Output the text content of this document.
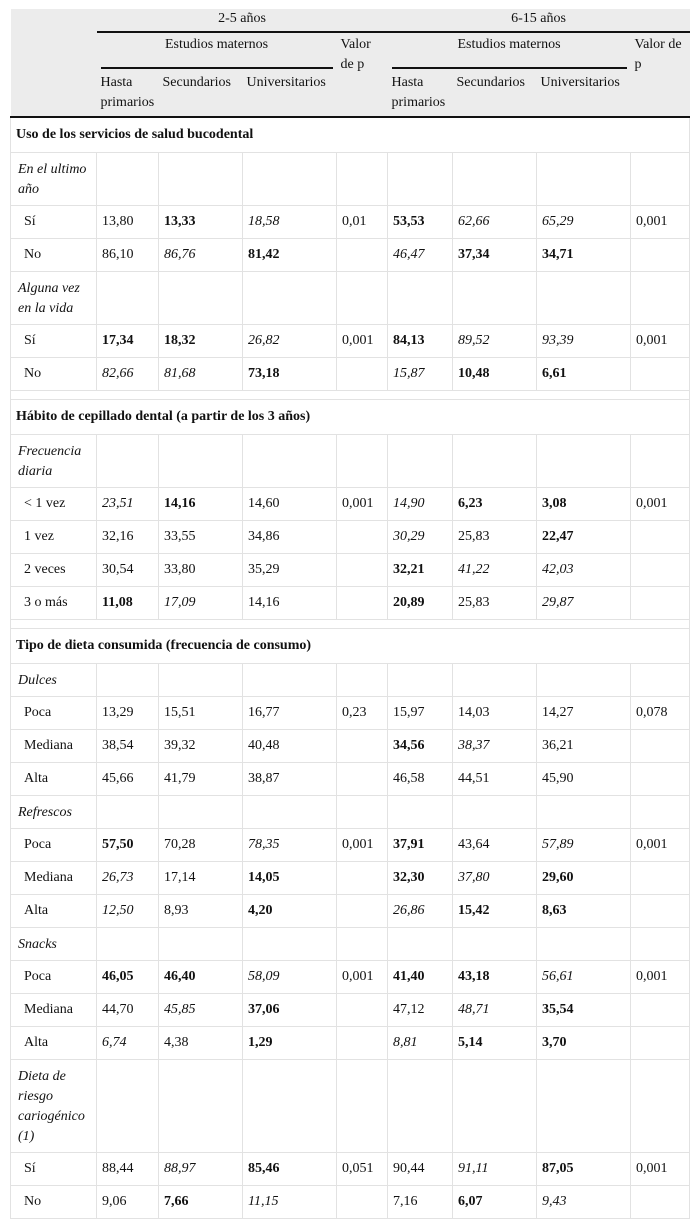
	2-5 años				6-15 años			

	Estudios maternos			Valor de p	Estudios maternos			Valor de p
	Hasta primarios	Secundarios	Universitarios		Hasta primarios	Secundarios	Universitarios	
Uso de los servicios de salud bucodental								
En el ultimo año								
Sí	13,80	13,33	18,58	0,01	53,53	62,66	65,29	0,001
No	86,10	86,76	81,42		46,47	37,34	34,71	
Alguna vez en la vida								
Sí	17,34	18,32	26,82	0,001	84,13	89,52	93,39	0,001
No	82,66	81,68	73,18		15,87	10,48	6,61	

Hábito de cepillado dental (a partir de los 3 años)								
Frecuencia diaria								
< 1 vez	23,51	14,16	14,60	0,001	14,90	6,23	3,08	0,001
1 vez	32,16	33,55	34,86		30,29	25,83	22,47	
2 veces	30,54	33,80	35,29		32,21	41,22	42,03	
3 o más	11,08	17,09	14,16		20,89	25,83	29,87	

Tipo de dieta consumida (frecuencia de consumo)								
Dulces								
Poca	13,29	15,51	16,77	0,23	15,97	14,03	14,27	0,078
Mediana	38,54	39,32	40,48		34,56	38,37	36,21	
Alta	45,66	41,79	38,87		46,58	44,51	45,90	
Refrescos								
Poca	57,50	70,28	78,35	0,001	37,91	43,64	57,89	0,001
Mediana	26,73	17,14	14,05		32,30	37,80	29,60	
Alta	12,50	8,93	4,20		26,86	15,42	8,63	
Snacks								
Poca	46,05	46,40	58,09	0,001	41,40	43,18	56,61	0,001
Mediana	44,70	45,85	37,06		47,12	48,71	35,54	
Alta	6,74	4,38	1,29		8,81	5,14	3,70	
Dieta de riesgo cariogénico (1)								
Sí	88,44	88,97	85,46	0,051	90,44	91,11	87,05	0,001
No	9,06	7,66	11,15		7,16	6,07	9,43	
